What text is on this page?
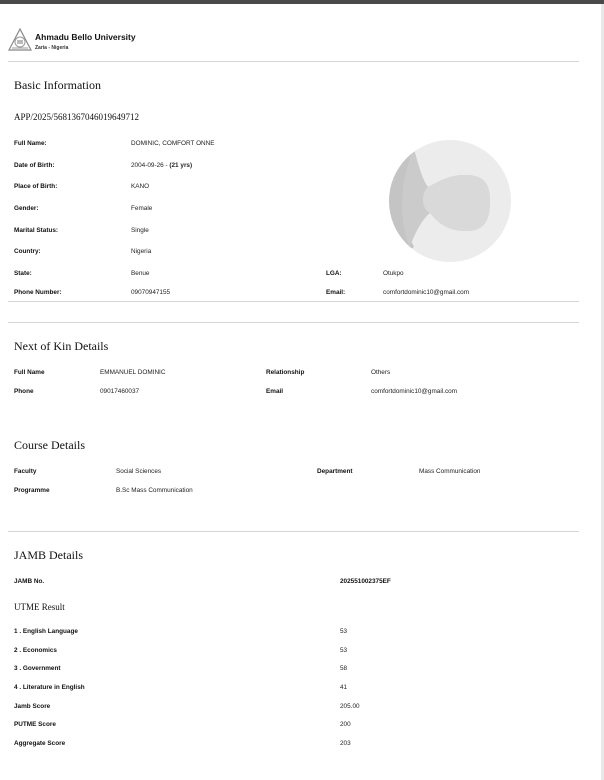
Ahmadu Bello University
Zaria - Nigeria
Basic Information
APP/2025/5681367046019649712
Full Name:	DOMINIC, COMFORT ONNE
Date of Birth:	2004-09-26 - (21 yrs)
Place of Birth:	KANO
Gender:	Female
Marital Status:	Single
Country:	Nigeria
State:	Benue	LGA:	Otukpo
Phone Number:	09070947155	Email:	comfortdominic10@gmail.com
Next of Kin Details
Full Name	EMMANUEL DOMINIC	Relationship	Others
Phone	09017460037	Email	comfortdominic10@gmail.com
Course Details
Faculty	Social Sciences	Department	Mass Communication
Programme	B.Sc Mass Communication
JAMB Details
JAMB No.	202551002375EF
UTME Result
1 . English Language	53
2 . Economics	53
3 . Government	58
4 . Literature in English	41
Jamb Score	205.00
PUTME Score	200
Aggregate Score	203
